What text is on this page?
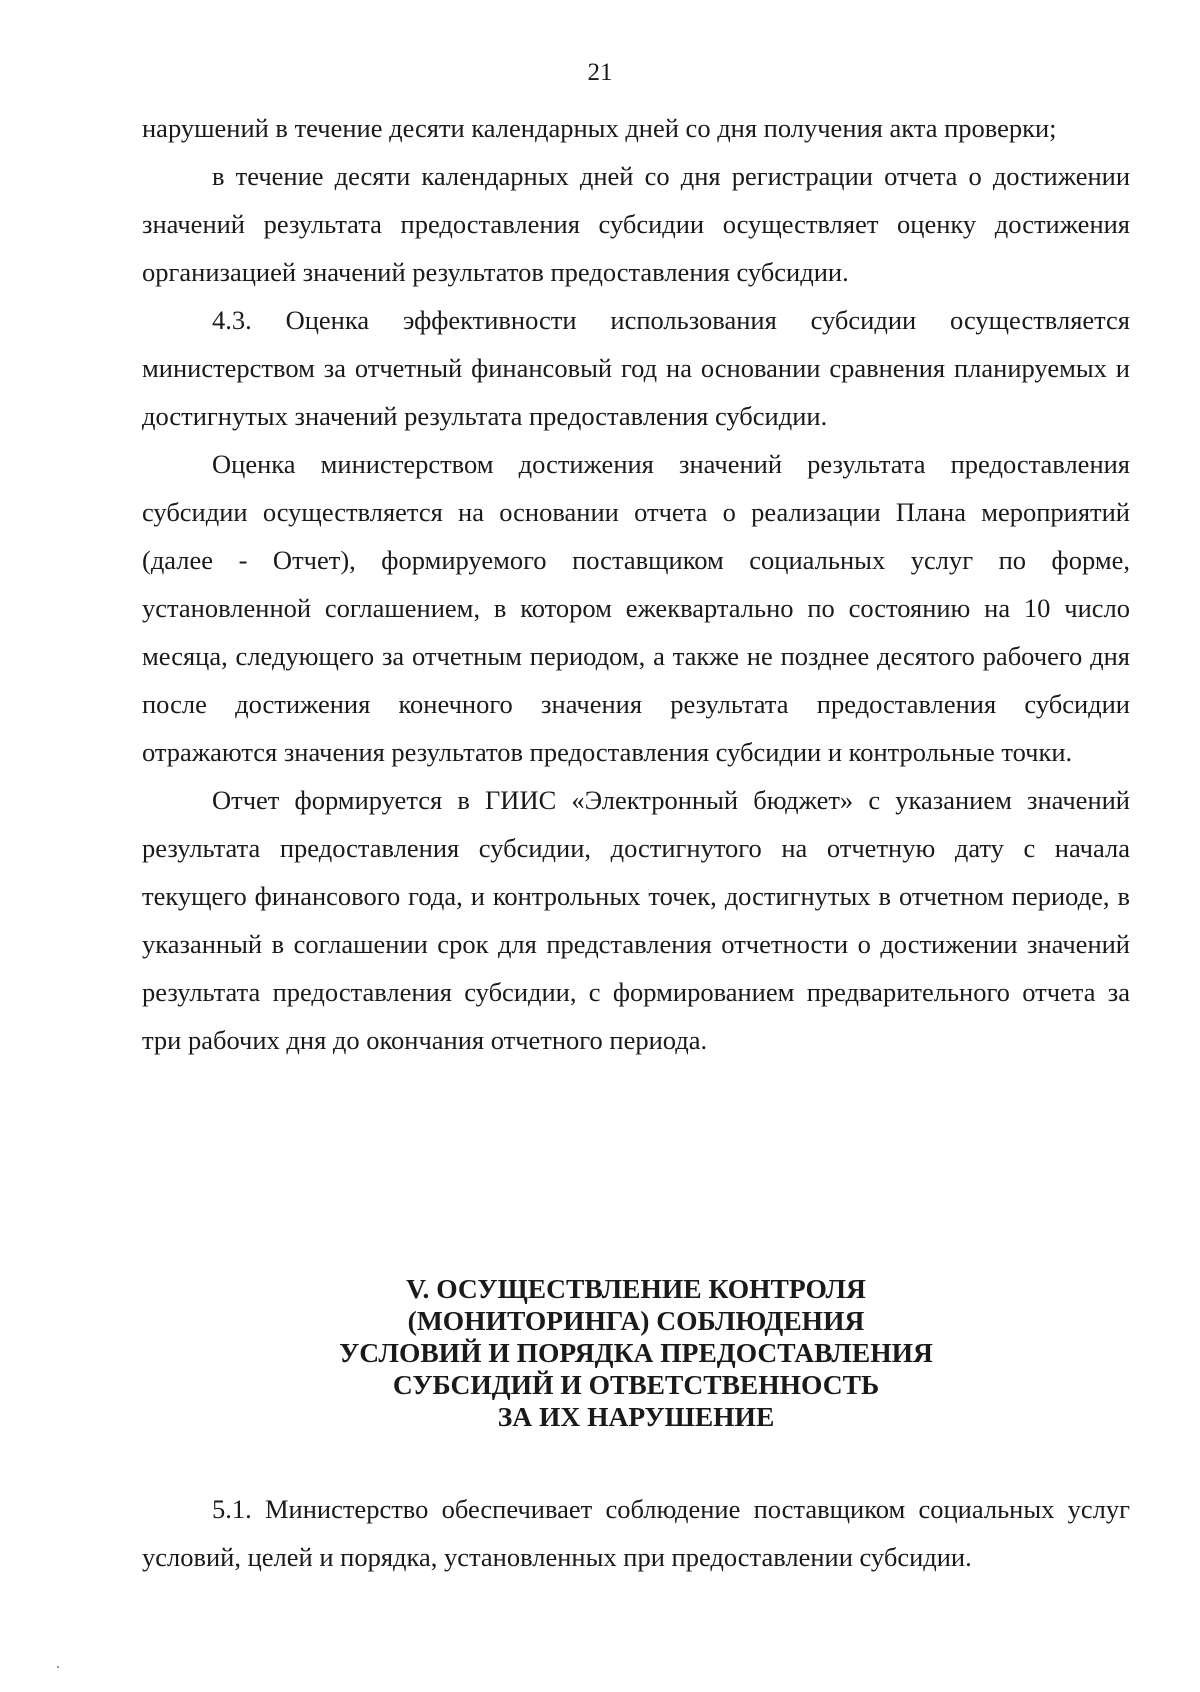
21

нарушений в течение десяти календарных дней со дня получения акта проверки;

в течение десяти календарных дней со дня регистрации отчета о достижении значений результата предоставления субсидии осуществляет оценку достижения организацией значений результатов предоставления субсидии.

4.3. Оценка эффективности использования субсидии осуществляется министерством за отчетный финансовый год на основании сравнения планируемых и достигнутых значений результата предоставления субсидии.

Оценка министерством достижения значений результата предоставления субсидии осуществляется на основании отчета о реализации Плана мероприятий (далее - Отчет), формируемого поставщиком социальных услуг по форме, установленной соглашением, в котором ежеквартально по состоянию на 10 число месяца, следующего за отчетным периодом, а также не позднее десятого рабочего дня после достижения конечного значения результата предоставления субсидии отражаются значения результатов предоставления субсидии и контрольные точки.

Отчет формируется в ГИИС «Электронный бюджет» с указанием значений результата предоставления субсидии, достигнутого на отчетную дату с начала текущего финансового года, и контрольных точек, достигнутых в отчетном периоде, в указанный в соглашении срок для представления отчетности о достижении значений результата предоставления субсидии, с формированием предварительного отчета за три рабочих дня до окончания отчетного периода.

V. ОСУЩЕСТВЛЕНИЕ КОНТРОЛЯ
(МОНИТОРИНГА) СОБЛЮДЕНИЯ
УСЛОВИЙ И ПОРЯДКА ПРЕДОСТАВЛЕНИЯ
СУБСИДИЙ И ОТВЕТСТВЕННОСТЬ
ЗА ИХ НАРУШЕНИЕ

5.1. Министерство обеспечивает соблюдение поставщиком социальных услуг условий, целей и порядка, установленных при предоставлении субсидии.
